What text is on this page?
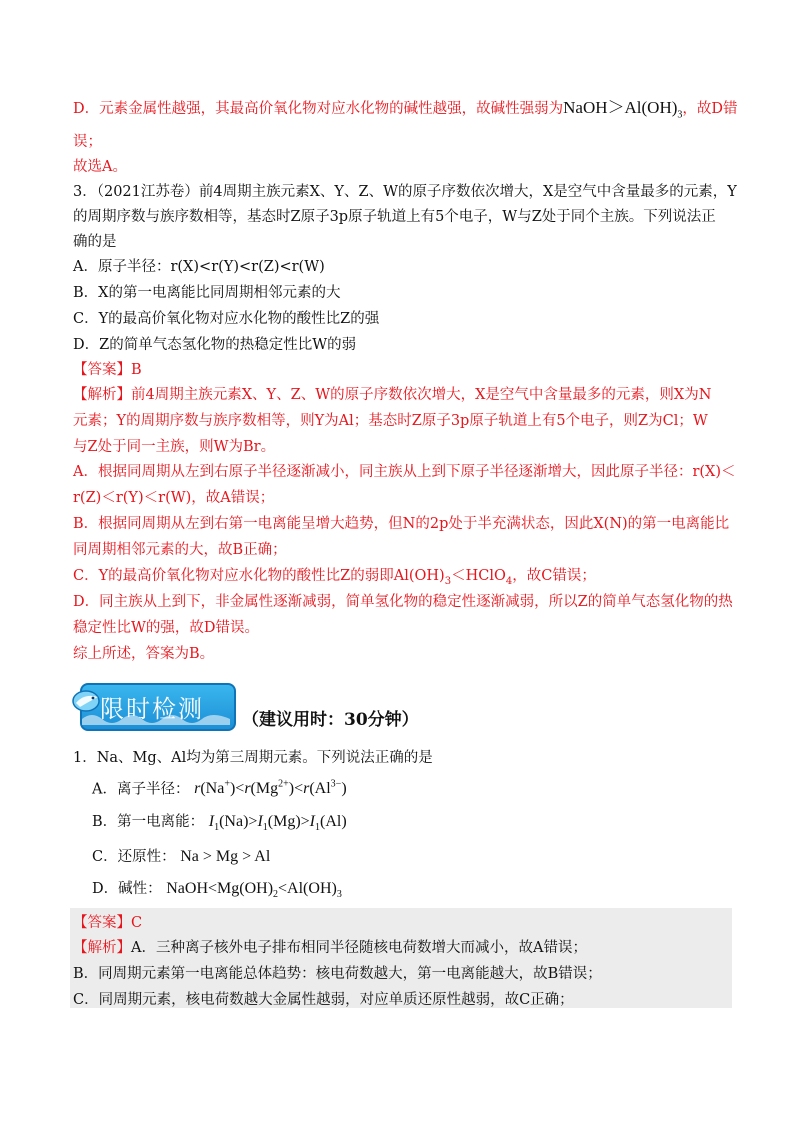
D．元素金属性越强，其最高价氧化物对应水化物的碱性越强，故碱性强弱为$NaOH>Al(OH)_3$，故D错
误；
故选A。
3．（2021江苏卷）前4周期主族元素X、Y、Z、W的原子序数依次增大，X是空气中含量最多的元素，Y
的周期序数与族序数相等，基态时Z原子3p原子轨道上有5个电子，W与Z处于同个主族。下列说法正
确的是
A．原子半径：r(X)<r(Y)<r(Z)<r(W)
B．X的第一电离能比同周期相邻元素的大
C．Y的最高价氧化物对应水化物的酸性比Z的强
D．Z的简单气态氢化物的热稳定性比W的弱
【答案】B
【解析】前4周期主族元素X、Y、Z、W的原子序数依次增大，X是空气中含量最多的元素，则X为N
元素；Y的周期序数与族序数相等，则Y为Al；基态时Z原子3p原子轨道上有5个电子，则Z为Cl；W
与Z处于同一主族，则W为Br。
A．根据同周期从左到右原子半径逐渐减小，同主族从上到下原子半径逐渐增大，因此原子半径：r(X)＜
r(Z)＜r(Y)＜r(W)，故A错误；
B．根据同周期从左到右第一电离能呈增大趋势，但N的2p处于半充满状态，因此X(N)的第一电离能比
同周期相邻元素的大，故B正确；
C．Y的最高价氧化物对应水化物的酸性比Z的弱即$Al(OH)_3<HClO_4$，故C错误；
D．同主族从上到下，非金属性逐渐减弱，简单氢化物的稳定性逐渐减弱，所以Z的简单气态氢化物的热
稳定性比W的强，故D错误。
综上所述，答案为B。
限时检测 （建议用时：30分钟）
1．Na、Mg、Al均为第三周期元素。下列说法正确的是
A．离子半径： $r(Na^+)<r(Mg^{2+})<r(Al^{3-})$
B．第一电离能： $I_1(Na)>I_1(Mg)>I_1(Al)$
C．还原性： Na > Mg > Al
D．碱性： $NaOH<Mg(OH)_2<Al(OH)_3$
【答案】C
【解析】A．三种离子核外电子排布相同半径随核电荷数增大而减小，故A错误；
B．同周期元素第一电离能总体趋势：核电荷数越大，第一电离能越大，故B错误；
C．同周期元素，核电荷数越大金属性越弱，对应单质还原性越弱，故C正确；
